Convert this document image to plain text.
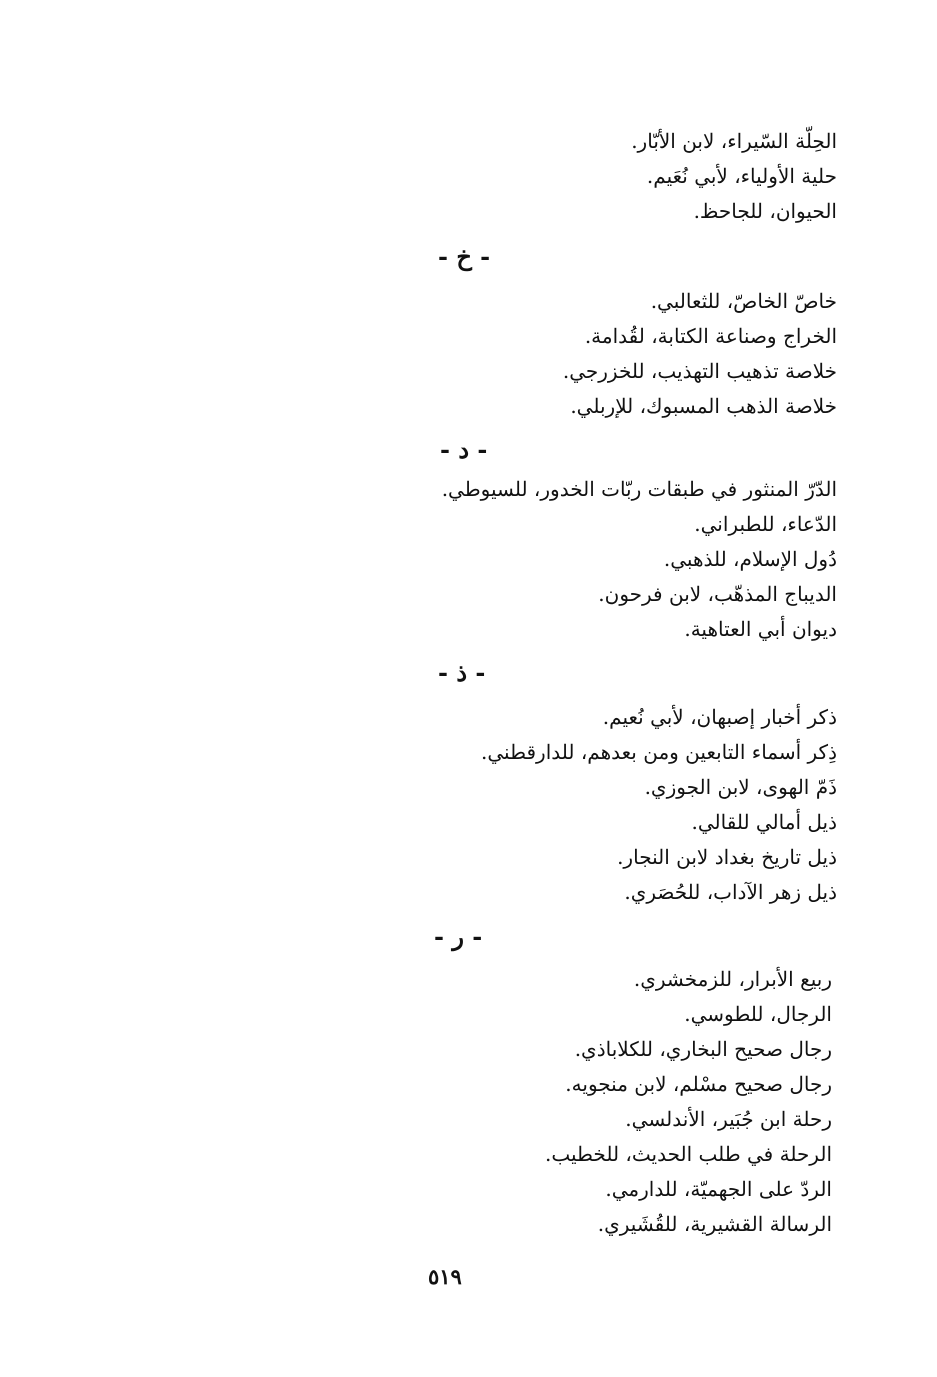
الحِلّة السّيراء، لابن الأبّار.
حلية الأولياء، لأبي نُعَيم.
الحيوان، للجاحظ.
- خ -
خاصّ الخاصّ، للثعالبي.
الخراج وصناعة الكتابة، لقُدامة.
خلاصة تذهيب التهذيب، للخزرجي.
خلاصة الذهب المسبوك، للإربلي.
- د -
الدّرّ المنثور في طبقات ربّات الخدور، للسيوطي.
الدّعاء، للطبراني.
دُول الإسلام، للذهبي.
الديباج المذهّب، لابن فرحون.
ديوان أبي العتاهية.
- ذ -
ذكر أخبار إصبهان، لأبي نُعيم.
ذِكر أسماء التابعين ومن بعدهم، للدارقطني.
ذَمّ الهوى، لابن الجوزي.
ذيل أمالي للقالي.
ذيل تاريخ بغداد لابن النجار.
ذيل زهر الآداب، للحُصَري.
- ر -
ربيع الأبرار، للزمخشري.
الرجال، للطوسي.
رجال صحيح البخاري، للكلاباذي.
رجال صحيح مسْلم، لابن منجويه.
رحلة ابن جُبَير، الأندلسي.
الرحلة في طلب الحديث، للخطيب.
الردّ على الجهميّة، للدارمي.
الرسالة القشيرية، للقُشَيري.
٥١٩
